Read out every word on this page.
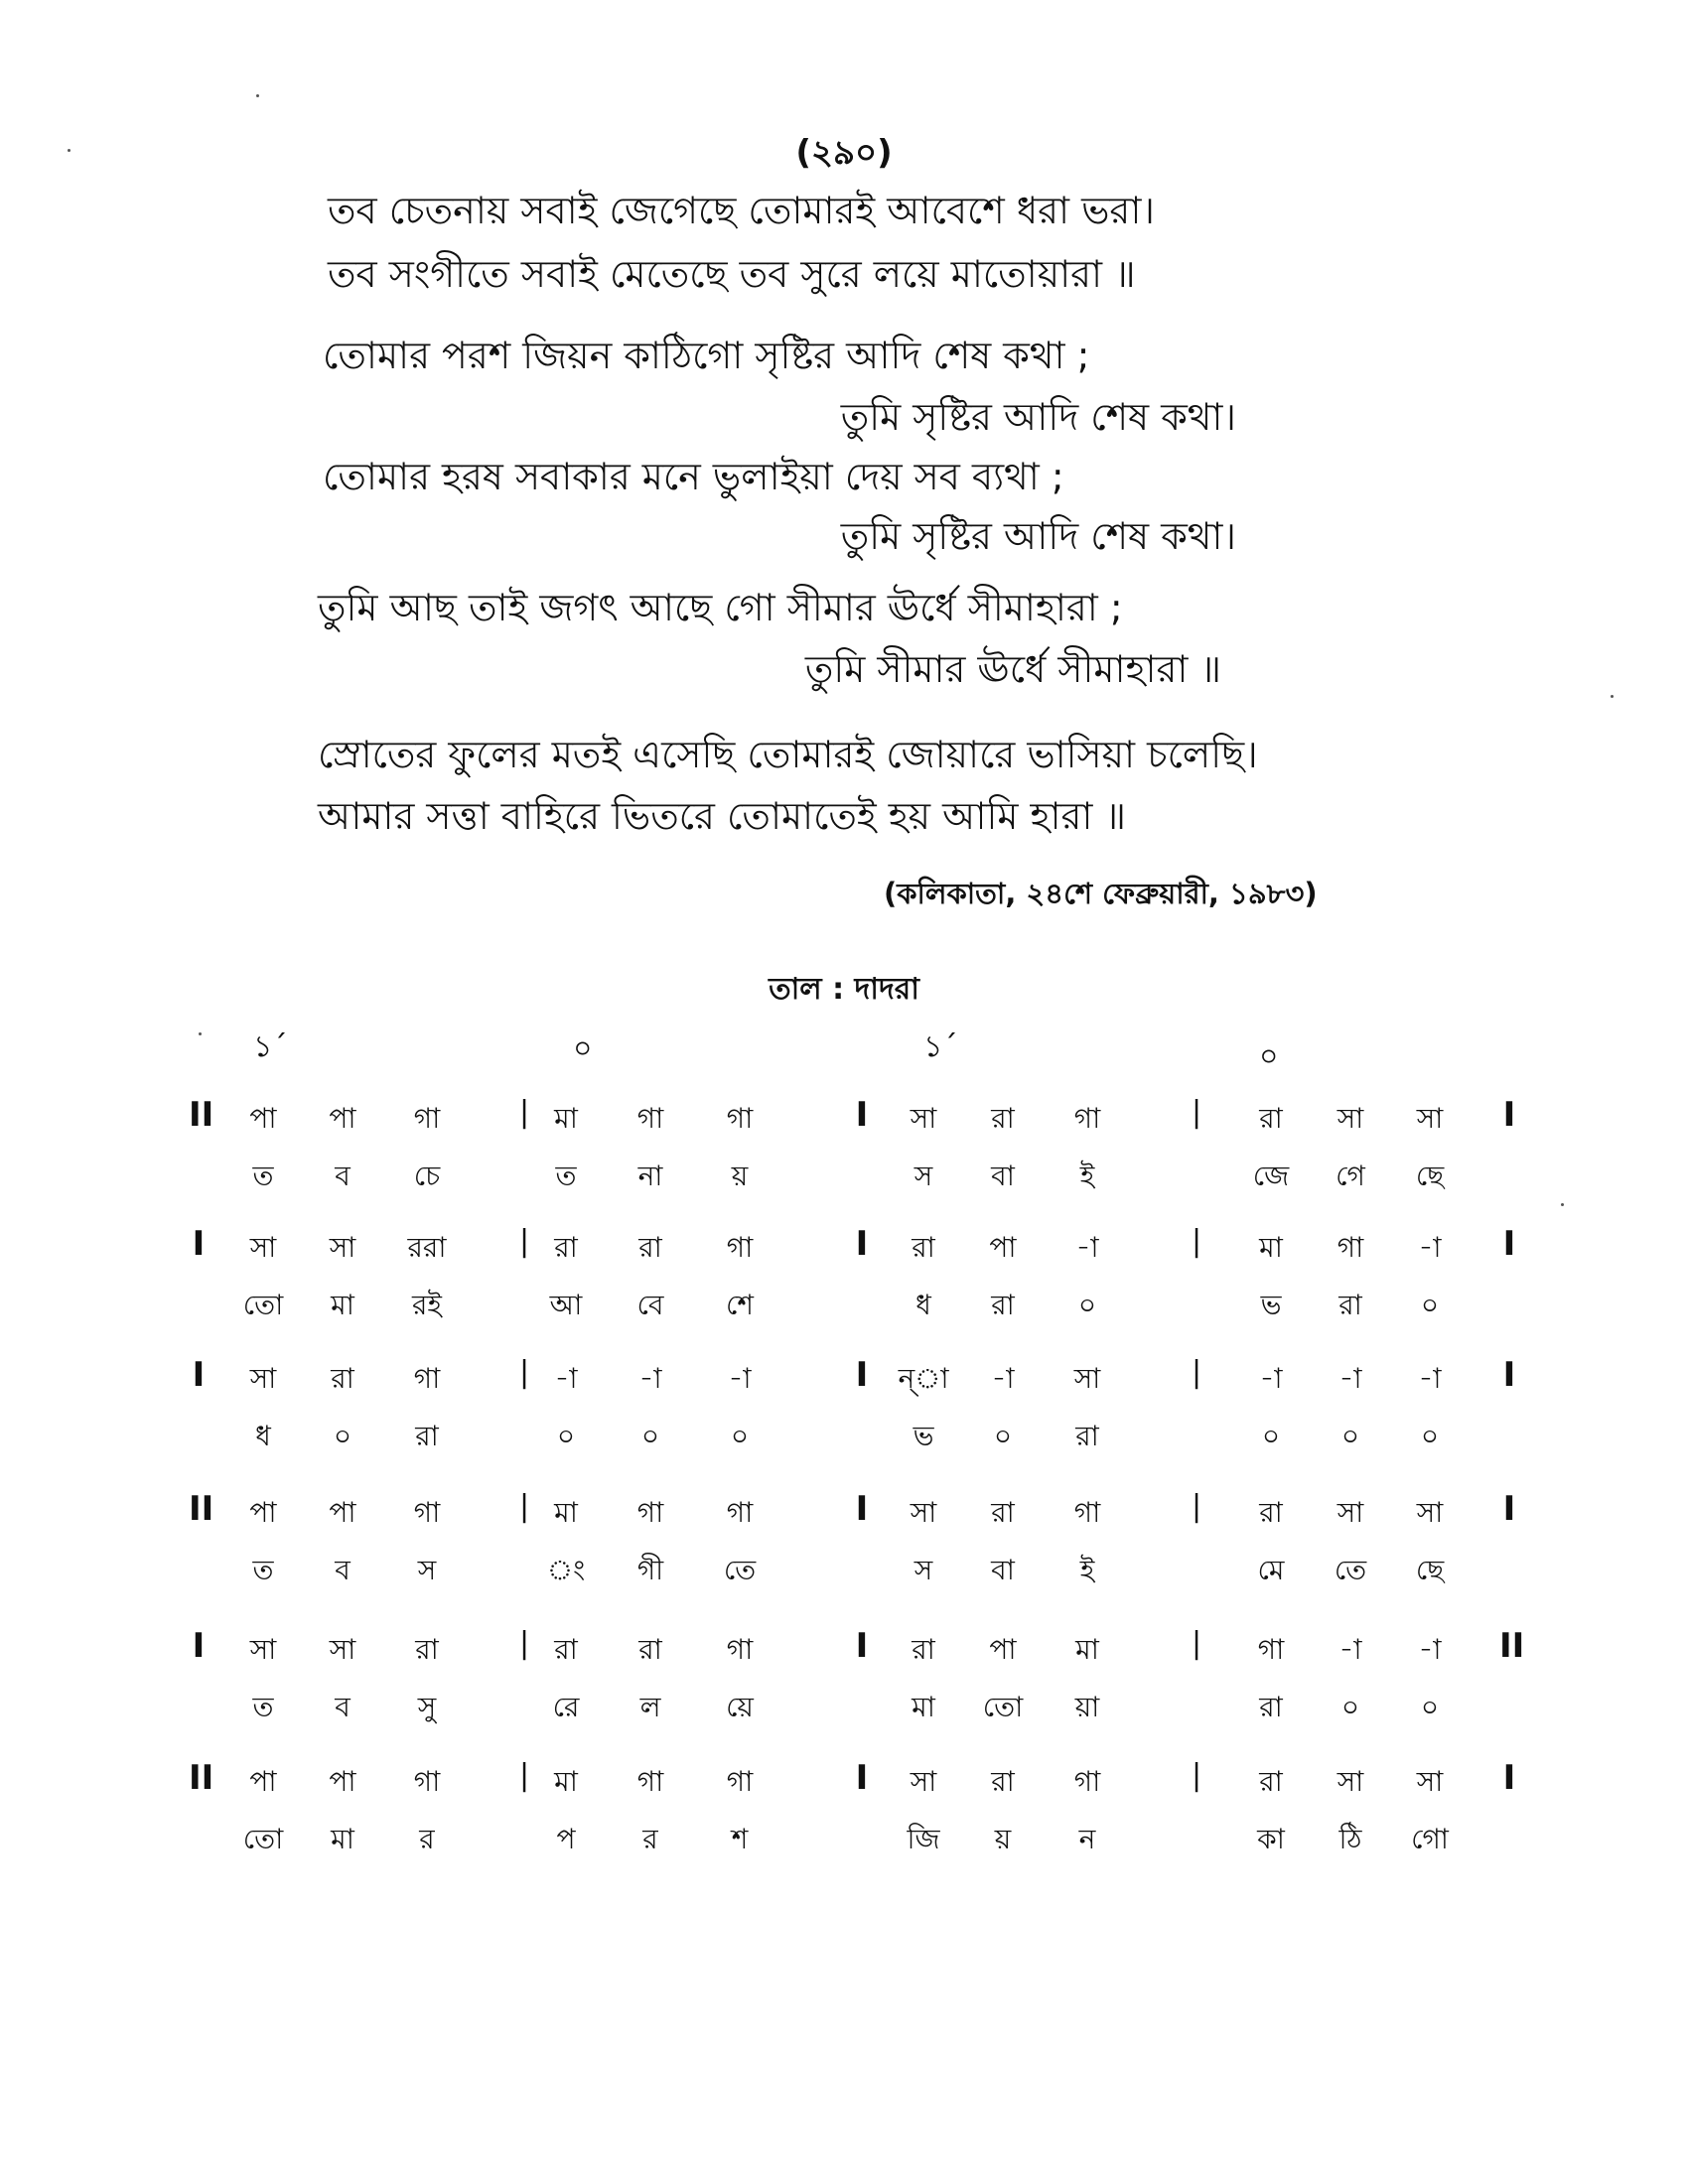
(২৯০)
তব চেতনায় সবাই জেগেছে তোমারই আবেশে ধরা ভরা।
তব সংগীতে সবাই মেতেছে তব সুরে লয়ে মাতোয়ারা ॥
তোমার পরশ জিয়ন কাঠিগো সৃষ্টির আদি শেষ কথা ;
তুমি সৃষ্টির আদি শেষ কথা।
তোমার হরষ সবাকার মনে ভুলাইয়া দেয় সব ব্যথা ;
তুমি সৃষ্টির আদি শেষ কথা।
তুমি আছ তাই জগৎ আছে গো সীমার ঊর্ধে সীমাহারা ;
তুমি সীমার ঊর্ধে সীমাহারা ॥
স্রোতের ফুলের মতই এসেছি তোমারই জোয়ারে ভাসিয়া চলেছি।
আমার সত্তা বাহিরে ভিতরে তোমাতেই হয় আমি হারা ॥
(কলিকাতা, ২৪শে ফেব্রুয়ারী, ১৯৮৩)
তাল : দাদরা
১´	০	১´	০
II	I
|	I	|
পা	পা	গা	মা	গা	গা	সা	রা	গা	রা	সা	সা
ত	ব	চে	ত	না	য়	স	বা	ই	জে	গে	ছে
I	I
|	I	|
সা	সা	ররা	রা	রা	গা	রা	পা	-া	মা	গা	-া
তো	মা	রই	আ	বে	শে	ধ	রা	০	ভ	রা	০
I	I
|	I	|
সা	রা	গা	-া	-া	-া	ন্া	-া	সা	-া	-া	-া
ধ	০	রা	০	০	০	ভ	০	রা	০	০	০
II	I
|	I	|
পা	পা	গা	মা	গা	গা	সা	রা	গা	রা	সা	সা
ত	ব	স	ং	গী	তে	স	বা	ই	মে	তে	ছে
I	II
|	I	|
সা	সা	রা	রা	রা	গা	রা	পা	মা	গা	-া	-া
ত	ব	সু	রে	ল	য়ে	মা	তো	য়া	রা	০	০
II	I
|	I	|
পা	পা	গা	মা	গা	গা	সা	রা	গা	রা	সা	সা
তো	মা	র	প	র	শ	জি	য়	ন	কা	ঠি	গো
